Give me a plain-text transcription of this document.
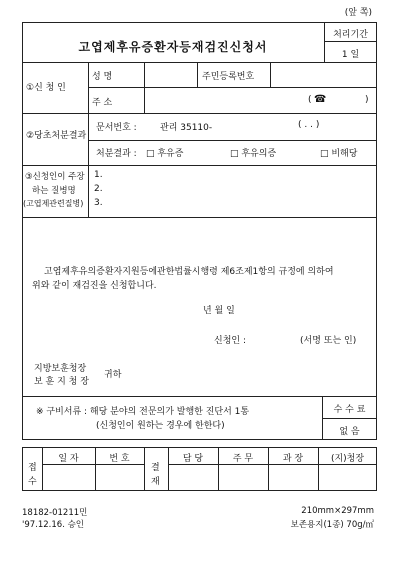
(앞 쪽)
고엽제후유증환자등재검진신청서
처리기간
1 일
①신 청 인
성 명	주민등록번호
주 소	( ☎	)
②당초처분결과
문서번호 :	관리 35110-	( . . )
처분결과 : □ 후유증	□ 후유의증	□ 비해당
③신청인이 주장
하는 질병명
(고엽제관련질병)
1.
2.
3.
고엽제후유의증환자지원등에관한법률시행령 제6조제1항의 규정에 의하여
위와 같이 재검진을 신청합니다.
년 월 일
신청인 :	(서명 또는 인)
지방보훈청장
보 훈 지 청 장
귀하
※ 구비서류 : 해당 분야의 전문의가 발행한 진단서 1통
(신청인이 원하는 경우에 한한다)
수 수 료
없 음
접
수
일 자	번 호
결
재
담 당	주 무	과 장	(지)청장
18182-01211민
'97.12.16. 승인
210mm×297mm
보존용지(1종) 70g/㎡
